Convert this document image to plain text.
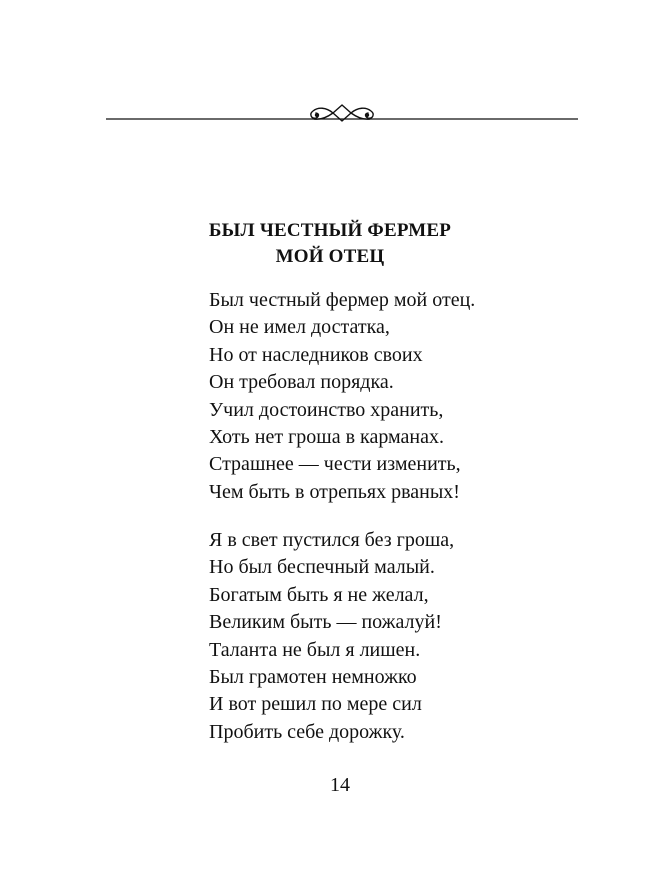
БЫЛ ЧЕСТНЫЙ ФЕРМЕР
МОЙ ОТЕЦ
Был честный фермер мой отец.
Он не имел достатка,
Но от наследников своих
Он требовал порядка.
Учил достоинство хранить,
Хоть нет гроша в карманах.
Страшнее — чести изменить,
Чем быть в отрепьях рваных!
Я в свет пустился без гроша,
Но был беспечный малый.
Богатым быть я не желал,
Великим быть — пожалуй!
Таланта не был я лишен.
Был грамотен немножко
И вот решил по мере сил
Пробить себе дорожку.
14
